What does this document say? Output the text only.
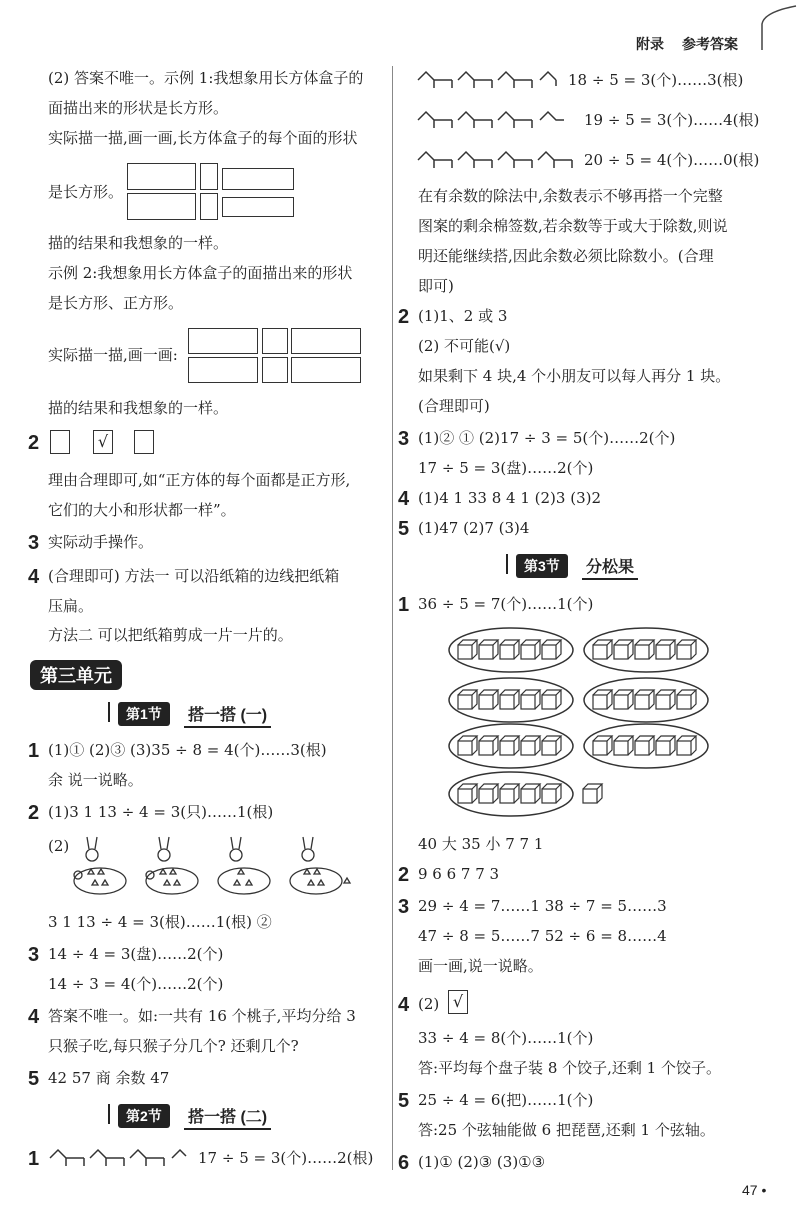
附录 参考答案
(2) 答案不唯一。示例 1:我想象用长方体盒子的
面描出来的形状是长方形。
实际描一描,画一画,长方体盒子的每个面的形状
是长方形。
描的结果和我想象的一样。
示例 2:我想象用长方体盒子的面描出来的形状
是长方形、正方形。
实际描一描,画一画:
描的结果和我想象的一样。
2	√
理由合理即可,如“正方体的每个面都是正方形,
它们的大小和形状都一样”。
3 实际动手操作。
4 (合理即可) 方法一 可以沿纸箱的边线把纸箱
压扁。
方法二 可以把纸箱剪成一片一片的。
第三单元
第1节	搭一搭 (一)
1 (1)① (2)③ (3)35 ÷ 8 = 4(个)……3(根)
余 说一说略。
2 (1)3 1 13 ÷ 4 = 3(只)……1(根)
(2)
3 1 13 ÷ 4 = 3(根)……1(根) ②
3 14 ÷ 4 = 3(盘)……2(个)
14 ÷ 3 = 4(个)……2(个)
4 答案不唯一。如:一共有 16 个桃子,平均分给 3
只猴子吃,每只猴子分几个? 还剩几个?
5 42 57 商 余数 47
第2节	搭一搭 (二)
1	17 ÷ 5 = 3(个)……2(根)
18 ÷ 5 = 3(个)……3(根)
19 ÷ 5 = 3(个)……4(根)
20 ÷ 5 = 4(个)……0(根)
在有余数的除法中,余数表示不够再搭一个完整
图案的剩余棉签数,若余数等于或大于除数,则说
明还能继续搭,因此余数必须比除数小。(合理
即可)
2 (1)1、2 或 3
(2) 不可能(√)
如果剩下 4 块,4 个小朋友可以每人再分 1 块。
(合理即可)
3 (1)② ① (2)17 ÷ 3 = 5(个)……2(个)
17 ÷ 5 = 3(盘)……2(个)
4 (1)4 1 33 8 4 1 (2)3 (3)2
5 (1)47 (2)7 (3)4
第3节	分松果
1 36 ÷ 5 = 7(个)……1(个)
40 大 35 小 7 7 1
2 9 6 6 7 7 3
3 29 ÷ 4 = 7……1 38 ÷ 7 = 5……3
47 ÷ 8 = 5……7 52 ÷ 6 = 8……4
画一画,说一说略。
4 (2) √
33 ÷ 4 = 8(个)……1(个)
答:平均每个盘子装 8 个饺子,还剩 1 个饺子。
5 25 ÷ 4 = 6(把)……1(个)
答:25 个弦轴能做 6 把琵琶,还剩 1 个弦轴。
6 (1)① (2)③ (3)①③
47 •
